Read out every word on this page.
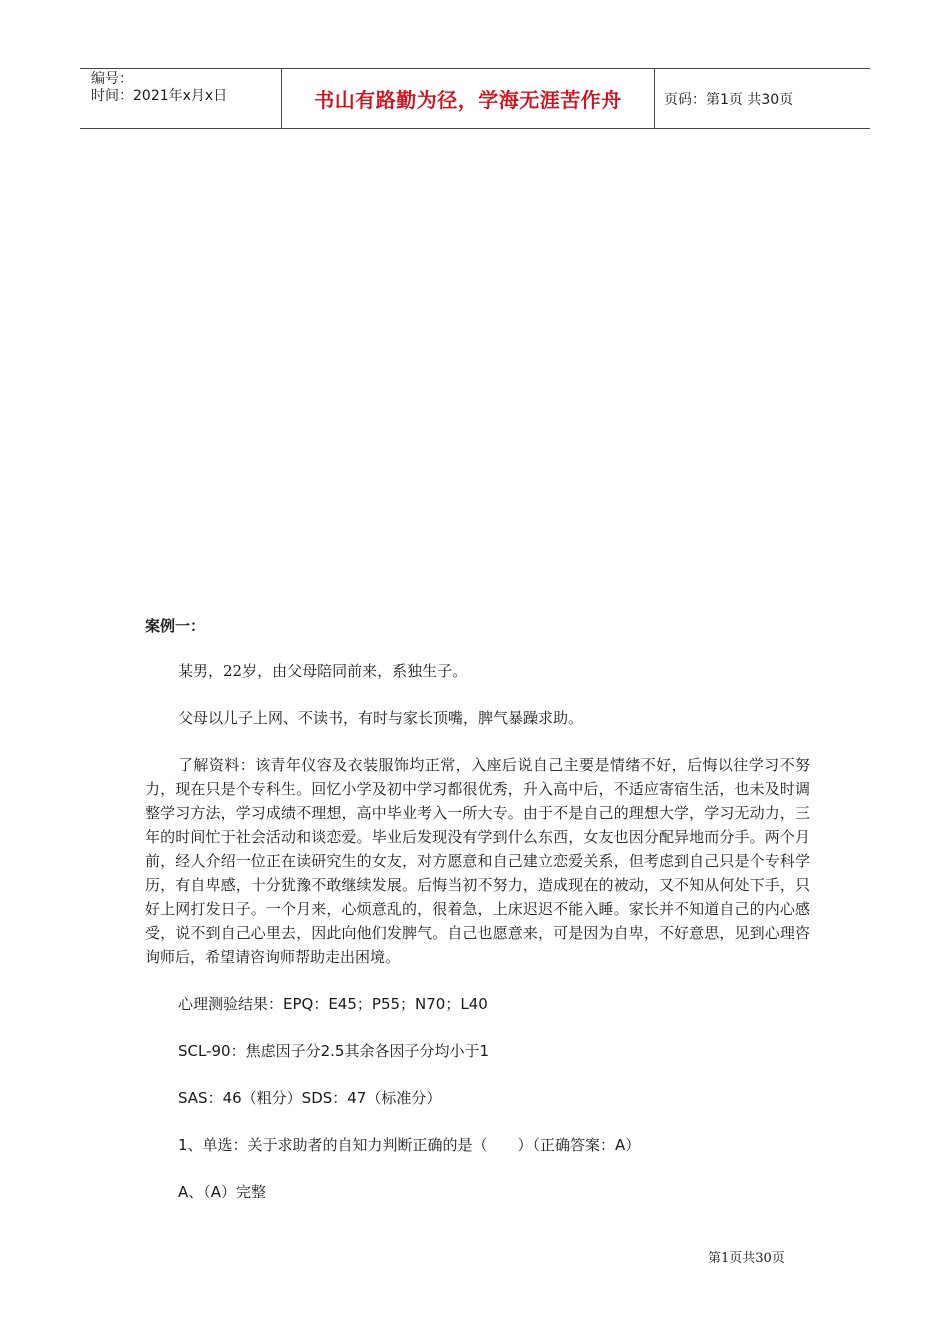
编号：
时间：2021年x月x日	书山有路勤为径，学海无涯苦作舟	页码：第1页 共30页

案例一：

某男，22岁，由父母陪同前来，系独生子。

父母以儿子上网、不读书，有时与家长顶嘴，脾气暴躁求助。

了解资料：该青年仪容及衣装服饰均正常，入座后说自己主要是情绪不好，后悔以往学习不努力，现在只是个专科生。回忆小学及初中学习都很优秀，升入高中后，不适应寄宿生活，也未及时调整学习方法，学习成绩不理想，高中毕业考入一所大专。由于不是自己的理想大学，学习无动力，三年的时间忙于社会活动和谈恋爱。毕业后发现没有学到什么东西，女友也因分配异地而分手。两个月前，经人介绍一位正在读研究生的女友，对方愿意和自己建立恋爱关系，但考虑到自己只是个专科学历，有自卑感，十分犹豫不敢继续发展。后悔当初不努力，造成现在的被动，又不知从何处下手，只好上网打发日子。一个月来，心烦意乱的，很着急，上床迟迟不能入睡。家长并不知道自己的内心感受，说不到自己心里去，因此向他们发脾气。自己也愿意来，可是因为自卑，不好意思，见到心理咨询师后，希望请咨询师帮助走出困境。

心理测验结果：EPQ：E45；P55；N70；L40

SCL-90：焦虑因子分2.5其余各因子分均小于1

SAS：46（粗分）SDS：47（标准分）

1、单选：关于求助者的自知力判断正确的是（　　）（正确答案：A）

A、（A）完整

第1页共30页
